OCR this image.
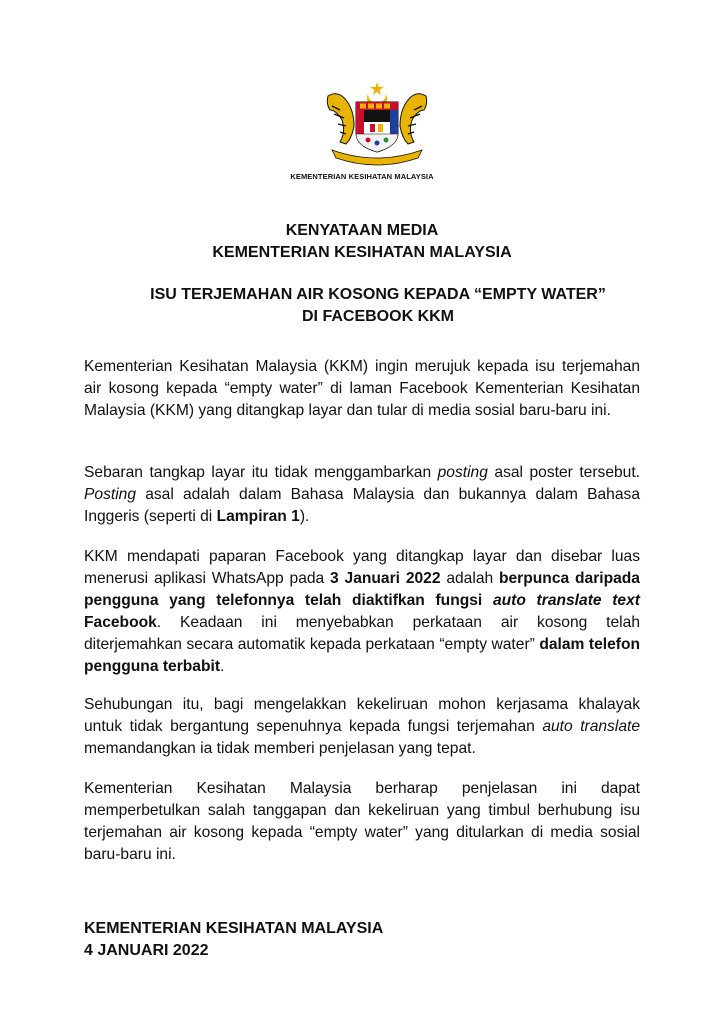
KEMENTERIAN KESIHATAN MALAYSIA
KENYATAAN MEDIA
KEMENTERIAN KESIHATAN MALAYSIA
ISU TERJEMAHAN AIR KOSONG KEPADA “EMPTY WATER”
DI FACEBOOK KKM

Kementerian Kesihatan Malaysia (KKM) ingin merujuk kepada isu terjemahan air kosong kepada “empty water” di laman Facebook Kementerian Kesihatan Malaysia (KKM) yang ditangkap layar dan tular di media sosial baru-baru ini.

Sebaran tangkap layar itu tidak menggambarkan posting asal poster tersebut. Posting asal adalah dalam Bahasa Malaysia dan bukannya dalam Bahasa Inggeris (seperti di Lampiran 1).

KKM mendapati paparan Facebook yang ditangkap layar dan disebar luas menerusi aplikasi WhatsApp pada 3 Januari 2022 adalah berpunca daripada pengguna yang telefonnya telah diaktifkan fungsi auto translate text Facebook. Keadaan ini menyebabkan perkataan air kosong telah diterjemahkan secara automatik kepada perkataan “empty water” dalam telefon pengguna terbabit.

Sehubungan itu, bagi mengelakkan kekeliruan mohon kerjasama khalayak untuk tidak bergantung sepenuhnya kepada fungsi terjemahan auto translate memandangkan ia tidak memberi penjelasan yang tepat.

Kementerian Kesihatan Malaysia berharap penjelasan ini dapat memperbetulkan salah tanggapan dan kekeliruan yang timbul berhubung isu terjemahan air kosong kepada “empty water” yang ditularkan di media sosial baru-baru ini.

KEMENTERIAN KESIHATAN MALAYSIA
4 JANUARI 2022
